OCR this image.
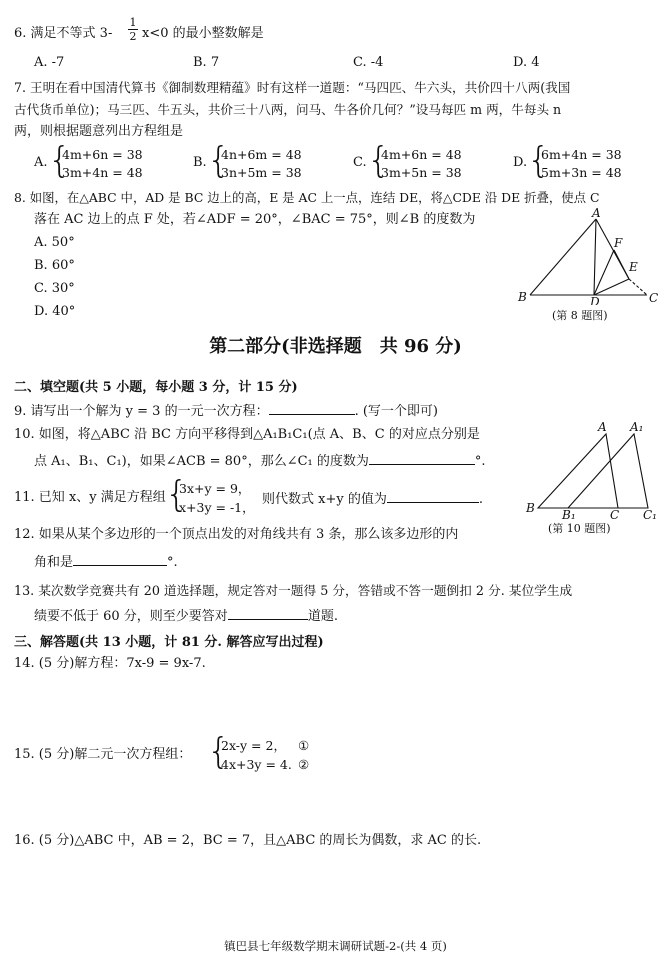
6. 满足不等式 3-
1
2 x<0 的最小整数解是
A. -7	B. 7	C. -4	D. 4
7. 王明在看中国清代算书《御制数理精蕴》时有这样一道题：“马四匹、牛六头，共价四十八两(我国
古代货币单位)；马三匹、牛五头，共价三十八两，问马、牛各价几何？”设马每匹 m 两，牛每头 n
两，则根据题意列出方程组是
A. {
4m+6n = 38
3m+4n = 48
B. {
4n+6m = 48
3n+5m = 38
C. {
4m+6n = 48
3m+5n = 38
D. {
6m+4n = 38
5m+3n = 48
8. 如图，在△ABC 中，AD 是 BC 边上的高，E 是 AC 上一点，连结 DE，将△CDE 沿 DE 折叠，使点 C
落在 AC 边上的点 F 处，若∠ADF = 20°，∠BAC = 75°，则∠B 的度数为
A. 50°
B. 60°
C. 30°
D. 40°
A
B	C
D
E
F
(第 8 题图)
第二部分(非选择题　共 96 分)
二、填空题(共 5 小题，每小题 3 分，计 15 分)
9. 请写出一个解为 y = 3 的一元一次方程：	. (写一个即可)
10. 如图，将△ABC 沿 BC 方向平移得到△A₁B₁C₁(点 A、B、C 的对应点分别是
点 A₁、B₁、C₁)，如果∠ACB = 80°，那么∠C₁ 的度数为	°.
A A₁
B B₁	C C₁
(第 10 题图)
11. 已知 x、y 满足方程组 {
3x+y = 9，
x+3y = -1，
则代数式 x+y 的值为	.
12. 如果从某个多边形的一个顶点出发的对角线共有 3 条，那么该多边形的内
角和是	°.
13. 某次数学竞赛共有 20 道选择题，规定答对一题得 5 分，答错或不答一题倒扣 2 分. 某位学生成
绩要不低于 60 分，则至少要答对	道题.
三、解答题(共 13 小题，计 81 分. 解答应写出过程)
14. (5 分)解方程：7x-9 = 9x-7.
15. (5 分)解二元一次方程组： {
2x-y = 2， ①
4x+3y = 4. ②
16. (5 分)△ABC 中，AB = 2，BC = 7，且△ABC 的周长为偶数，求 AC 的长.
镇巴县七年级数学期末调研试题-2-(共 4 页)
